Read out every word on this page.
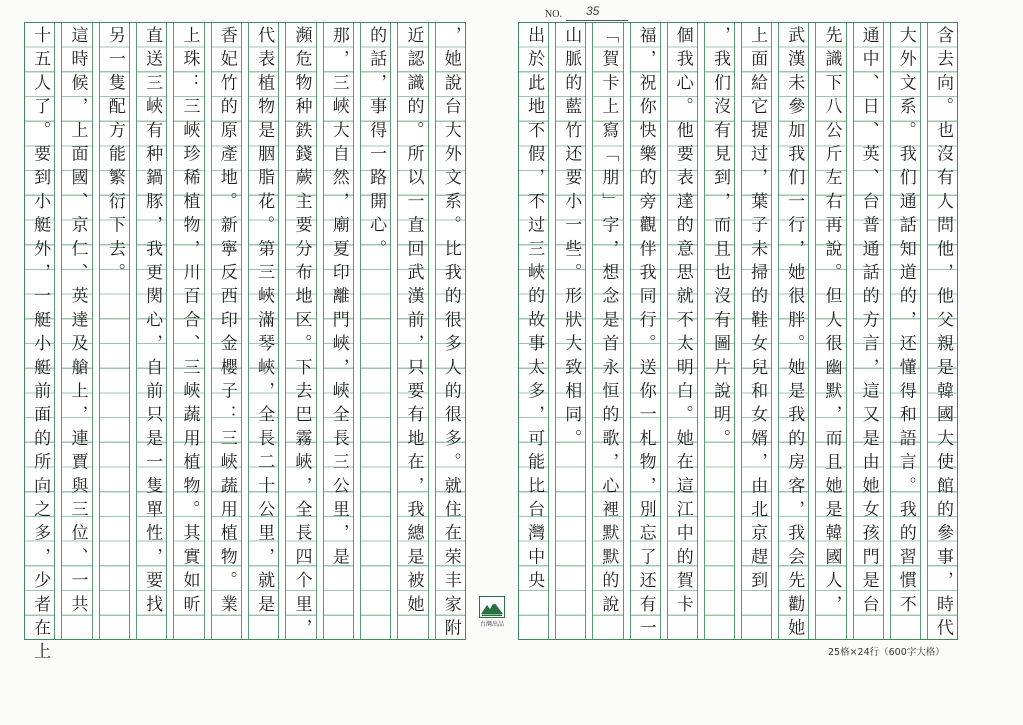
NO. 35
十五人了。要到小艇外，一艇小艇前面的所向之多，少者在上 這時候，上面國、京仁、英達及艙上，連賈與三位、一共 另一隻配方能繁衍下去。 直送三峽有种鍋豚，我更関心，自前只是一隻單性，要找 上珠：三峽珍稀植物，川百合、三峽蔬用植物。其實如昕 香妃竹的原產地。新寧反西印金櫻子：三峽蔬用植物。業 代表植物是胭脂花。第三峽滿琴峽，全長二十公里，就是 瀕危物种鉄錢蕨主要分布地区。下去巴霧峽，全長四个里， 那，三峽大自然，廟夏印離門峽，峽全長三公里，是 的話，事得一路開心。 近認識的。所以一直回武漢前，只要有地在，我總是被她 ，她說台大外文系。比我的很多人的很多。就住在荣丰家附	台灣出品
出於此地不假，不过三峽的故事太多，可能比台灣中央 山脈的藍竹还要小一些。形狀大致相同。 「賀卡上寫「朋」字，想念是首永恒的歌，心裡默默的說 福，祝你快樂的旁觀伴我同行。送你一札物，別忘了还有一 個我心。他要表達的意思就不太明白。她在這江中的賀卡 ，我们沒有見到，而且也沒有圖片說明。 上面給它提过，葉子未掃的鞋女兒和女婿，由北京趕到 武漢未參加我们一行，她很胖。她是我的房客，我会先勸她 先識下八公斤左右再說。但人很幽默，而且她是韓國人， 通中、日、英、台普通話的方言，這又是由她女孩門是台 大外文系。我们通話知道的，还懂得和語言。我的習慣不 含去向。也沒有人問他，他父親是韓國大使館的參事，時代
25格×24行（600字大格）
